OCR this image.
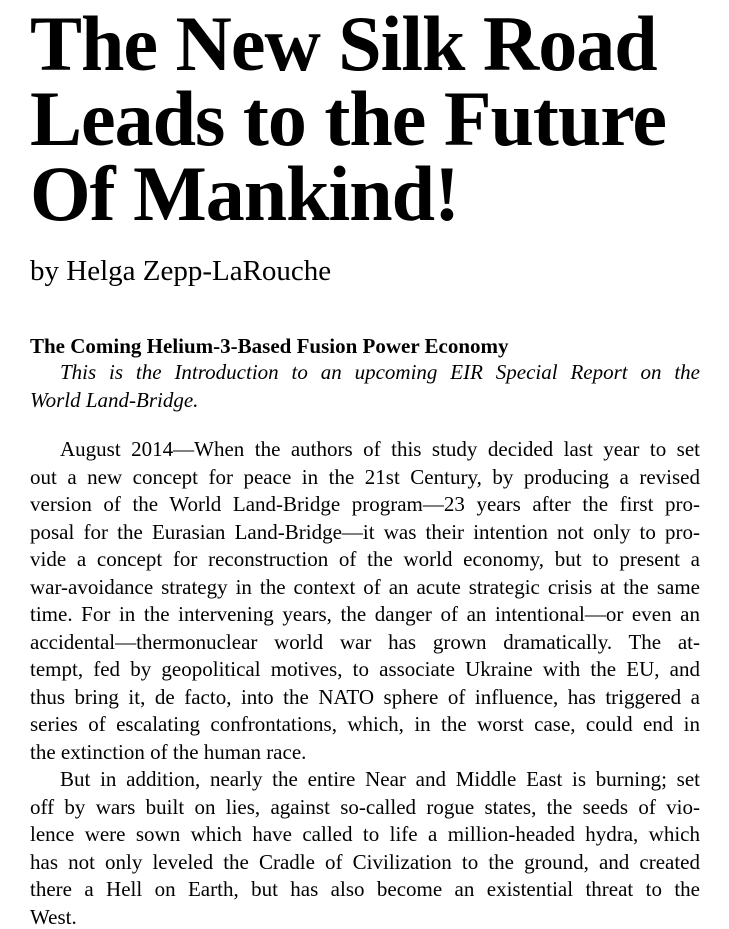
The New Silk Road
Leads to the Future
Of Mankind!
by Helga Zepp-LaRouche
The Coming Helium-3-Based Fusion Power Economy
This is the Introduction to an upcoming EIR Special Report on the
World Land-Bridge.
August 2014—When the authors of this study decided last year to set
out a new concept for peace in the 21st Century, by producing a revised
version of the World Land-Bridge program—23 years after the first pro-
posal for the Eurasian Land-Bridge—it was their intention not only to pro-
vide a concept for reconstruction of the world economy, but to present a
war-avoidance strategy in the context of an acute strategic crisis at the same
time. For in the intervening years, the danger of an intentional—or even an
accidental—thermonuclear world war has grown dramatically. The at-
tempt, fed by geopolitical motives, to associate Ukraine with the EU, and
thus bring it, de facto, into the NATO sphere of influence, has triggered a
series of escalating confrontations, which, in the worst case, could end in
the extinction of the human race.
But in addition, nearly the entire Near and Middle East is burning; set
off by wars built on lies, against so-called rogue states, the seeds of vio-
lence were sown which have called to life a million-headed hydra, which
has not only leveled the Cradle of Civilization to the ground, and created
there a Hell on Earth, but has also become an existential threat to the
West.
